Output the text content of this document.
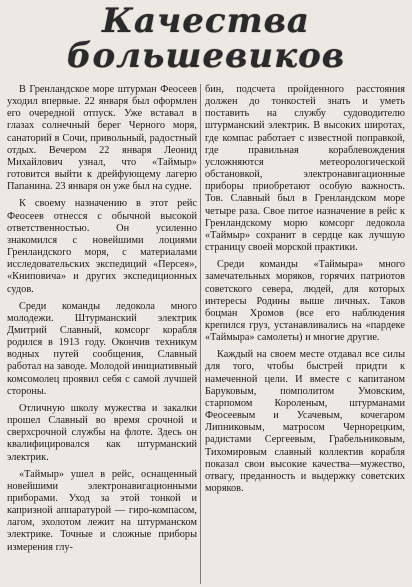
Качества
большевиков

В Гренландское море штурман Феосеев уходил впервые. 22 января был оформлен его очередной отпуск. Уже вставал в глазах солнечный берег Черного моря, санаторий в Сочи, привольный, радостный отдых. Вечером 22 января Леонид Михайлович узнал, что «Таймыр» готовится выйти к дрейфующему лагерю Папанина. 23 января он уже был на судне.

К своему назначению в этот рейс Феосеев отнесся с обычной высокой ответственностью. Он усиленно знакомился с новейшими лоциями Гренландского моря, с материалами исследовательских экспедиций «Персея», «Книповича» и других экспедиционных судов.

Среди команды ледокола много молодежи. Штурманский электрик Дмитрий Славный, комсорг корабля родился в 1913 году. Окончив техникум водных путей сообщения, Славный работал на заводе. Молодой инициативный комсомолец проявил себя с самой лучшей стороны.

Отличную школу мужества и закалки прошел Славный во время срочной и сверхсрочной службы на флоте. Здесь он квалифицировался как штурманский электрик.

«Таймыр» ушел в рейс, оснащенный новейшими электронавигационными приборами. Уход за этой тонкой и капризной аппаратурой — гиро-компасом, лагом, эхолотом лежит на штурманском электрике. Точные и сложные приборы измерения глу-

бин, подсчета пройденного расстояния должен до тонкостей знать и уметь поставить на службу судоводителю штурманский электрик. В высоких широтах, где компас работает с известной поправкой, где правильная кораблевождения усложняются метеорологической обстановкой, электронавигационные приборы приобретают особую важность. Тов. Славный был в Гренландском море четыре раза. Свое питое назначение в рейс к Гренландскому морю комсорг ледокола «Таймыр» сохранит в сердце как лучшую страницу своей морской практики.

Среди команды «Таймыра» много замечательных моряков, горячих патриотов советского севера, людей, для которых интересы Родины выше личных. Таков боцман Хромов (все его наблюдения крепился груз, устанавливались на «пардеке «Таймыра» самолеты) и многие другие.

Каждый на своем месте отдавал все силы для того, чтобы быстрей придти к намеченной цели. И вместе с капитаном Барyковым, помполитом Умовским, старпомом Короленым, штурманами Феосеевым и Усачевым, кочегаром Липниковым, матросом Черноpецким, радистами Сергеевым, Грабельниковым, Тихомировым славный коллектив корабля показал свои высокие качества—мужество, отвагу, преданность и выдержку советских моряков.
